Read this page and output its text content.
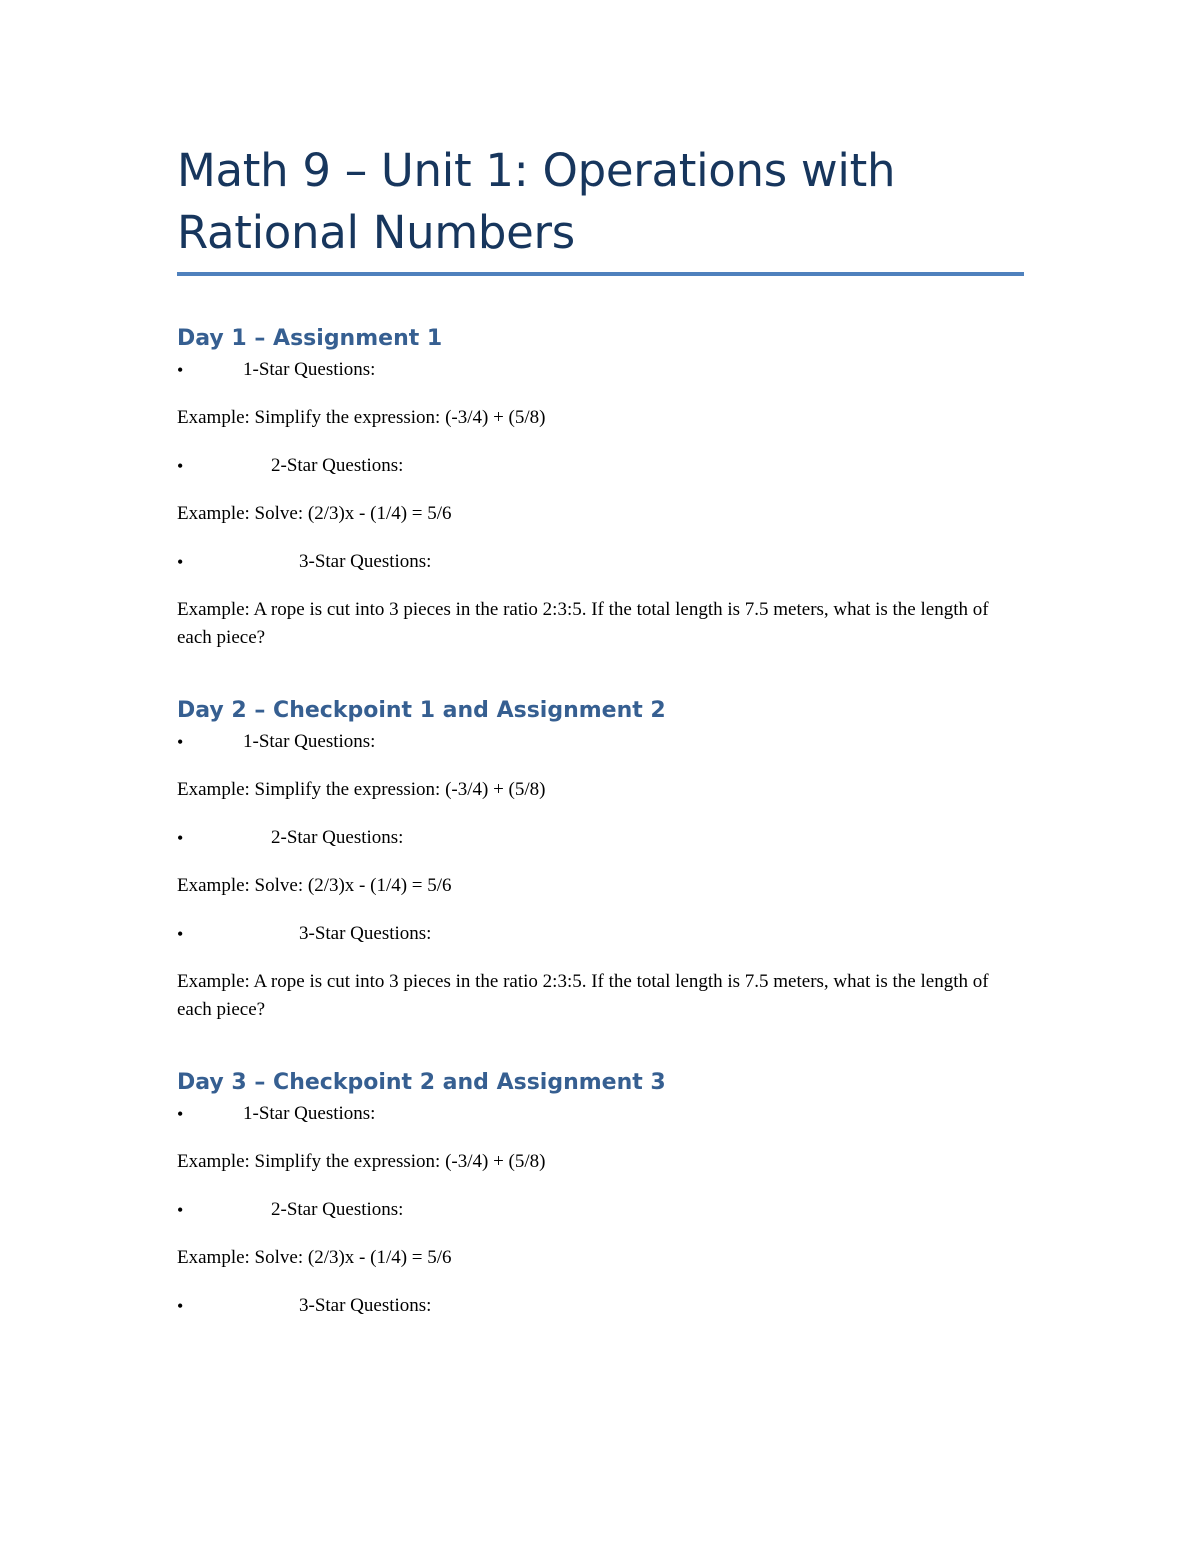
Math 9 – Unit 1: Operations with Rational Numbers
Day 1 – Assignment 1
•	1-Star Questions:

Example: Simplify the expression: (-3/4) + (5/8)

•	2-Star Questions:

Example: Solve: (2/3)x - (1/4) = 5/6

•	3-Star Questions:

Example: A rope is cut into 3 pieces in the ratio 2:3:5. If the total length is 7.5 meters, what is the length of each piece?

Day 2 – Checkpoint 1 and Assignment 2
•	1-Star Questions:

Example: Simplify the expression: (-3/4) + (5/8)

•	2-Star Questions:

Example: Solve: (2/3)x - (1/4) = 5/6

•	3-Star Questions:

Example: A rope is cut into 3 pieces in the ratio 2:3:5. If the total length is 7.5 meters, what is the length of each piece?

Day 3 – Checkpoint 2 and Assignment 3
•	1-Star Questions:

Example: Simplify the expression: (-3/4) + (5/8)

•	2-Star Questions:

Example: Solve: (2/3)x - (1/4) = 5/6

•	3-Star Questions:
